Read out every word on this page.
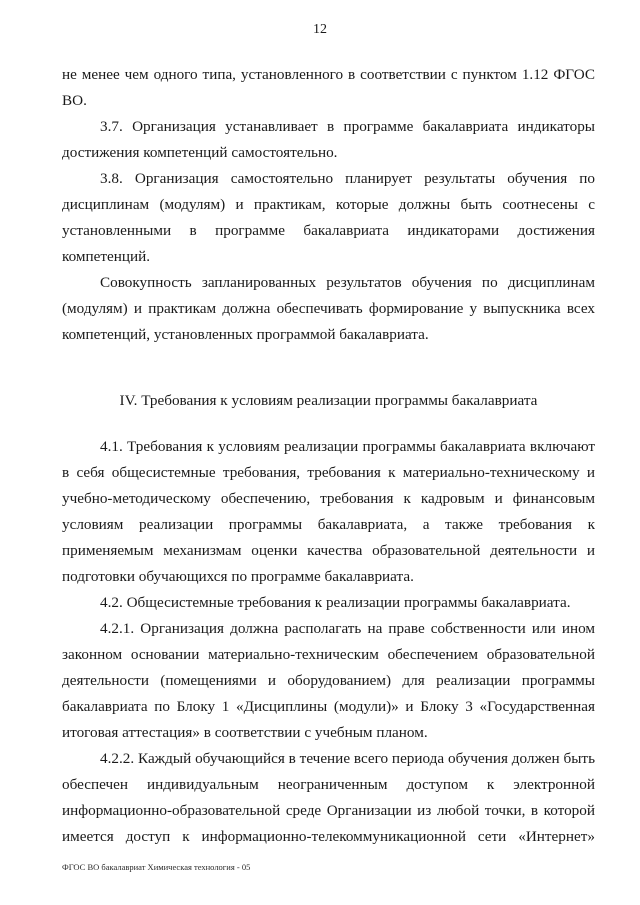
12

не менее чем одного типа, установленного в соответствии с пунктом 1.12 ФГОС ВО.

3.7. Организация устанавливает в программе бакалавриата индикаторы достижения компетенций самостоятельно.

3.8. Организация самостоятельно планирует результаты обучения по дисциплинам (модулям) и практикам, которые должны быть соотнесены с установленными в программе бакалавриата индикаторами достижения компетенций.

Совокупность запланированных результатов обучения по дисциплинам (модулям) и практикам должна обеспечивать формирование у выпускника всех компетенций, установленных программой бакалавриата.

IV. Требования к условиям реализации программы бакалавриата

4.1. Требования к условиям реализации программы бакалавриата включают в себя общесистемные требования, требования к материально-техническому и учебно-методическому обеспечению, требования к кадровым и финансовым условиям реализации программы бакалавриата, а также требования к применяемым механизмам оценки качества образовательной деятельности и подготовки обучающихся по программе бакалавриата.

4.2. Общесистемные требования к реализации программы бакалавриата.

4.2.1. Организация должна располагать на праве собственности или ином законном основании материально-техническим обеспечением образовательной деятельности (помещениями и оборудованием) для реализации программы бакалавриата по Блоку 1 «Дисциплины (модули)» и Блоку 3 «Государственная итоговая аттестация» в соответствии с учебным планом.

4.2.2. Каждый обучающийся в течение всего периода обучения должен быть обеспечен индивидуальным неограниченным доступом к электронной информационно-образовательной среде Организации из любой точки, в которой имеется доступ к информационно-телекоммуникационной сети «Интернет»

ФГОС ВО бакалавриат Химическая технология - 05
